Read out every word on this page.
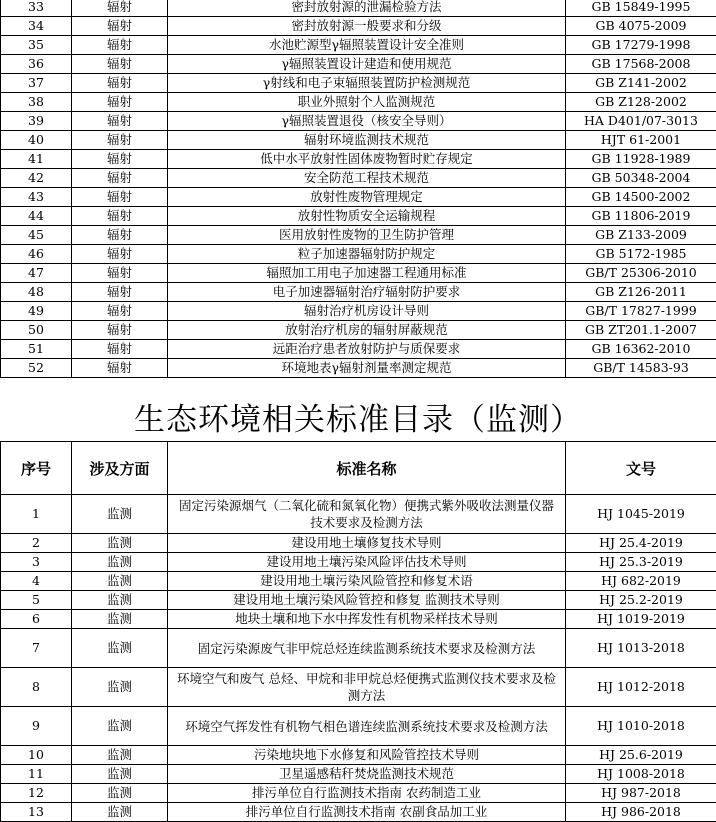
33	辐射	密封放射源的泄漏检验方法	GB 15849-1995
34	辐射	密封放射源一般要求和分级	GB 4075-2009
35	辐射	水池贮源型γ辐照装置设计安全准则	GB 17279-1998
36	辐射	γ辐照装置设计建造和使用规范	GB 17568-2008
37	辐射	γ射线和电子束辐照装置防护检测规范	GB Z141-2002
38	辐射	职业外照射个人监测规范	GB Z128-2002
39	辐射	γ辐照装置退役（核安全导则）	HA D401/07-3013
40	辐射	辐射环境监测技术规范	HJT 61-2001
41	辐射	低中水平放射性固体废物暂时贮存规定	GB 11928-1989
42	辐射	安全防范工程技术规范	GB 50348-2004
43	辐射	放射性废物管理规定	GB 14500-2002
44	辐射	放射性物质安全运输规程	GB 11806-2019
45	辐射	医用放射性废物的卫生防护管理	GB Z133-2009
46	辐射	粒子加速器辐射防护规定	GB 5172-1985
47	辐射	辐照加工用电子加速器工程通用标准	GB/T 25306-2010
48	辐射	电子加速器辐射治疗辐射防护要求	GB Z126-2011
49	辐射	辐射治疗机房设计导则	GB/T 17827-1999
50	辐射	放射治疗机房的辐射屏蔽规范	GB ZT201.1-2007
51	辐射	远距治疗患者放射防护与质保要求	GB 16362-2010
52	辐射	环境地表γ辐射剂量率测定规范	GB/T 14583-93
生态环境相关标准目录（监测）
序号	涉及方面	标准名称	文号
1	监测	固定污染源烟气（二氧化硫和氮氧化物）便携式紫外吸收法测量仪器技术要求及检测方法	HJ 1045-2019
2	监测	建设用地土壤修复技术导则	HJ 25.4-2019
3	监测	建设用地土壤污染风险评估技术导则	HJ 25.3-2019
4	监测	建设用地土壤污染风险管控和修复术语	HJ 682-2019
5	监测	建设用地土壤污染风险管控和修复 监测技术导则	HJ 25.2-2019
6	监测	地块土壤和地下水中挥发性有机物采样技术导则	HJ 1019-2019
7	监测	固定污染源废气非甲烷总烃连续监测系统技术要求及检测方法	HJ 1013-2018
8	监测	环境空气和废气 总烃、甲烷和非甲烷总烃便携式监测仪技术要求及检测方法	HJ 1012-2018
9	监测	环境空气挥发性有机物气相色谱连续监测系统技术要求及检测方法	HJ 1010-2018
10	监测	污染地块地下水修复和风险管控技术导则	HJ 25.6-2019
11	监测	卫星遥感秸秆焚烧监测技术规范	HJ 1008-2018
12	监测	排污单位自行监测技术指南 农药制造工业	HJ 987-2018
13	监测	排污单位自行监测技术指南 农副食品加工业	HJ 986-2018
